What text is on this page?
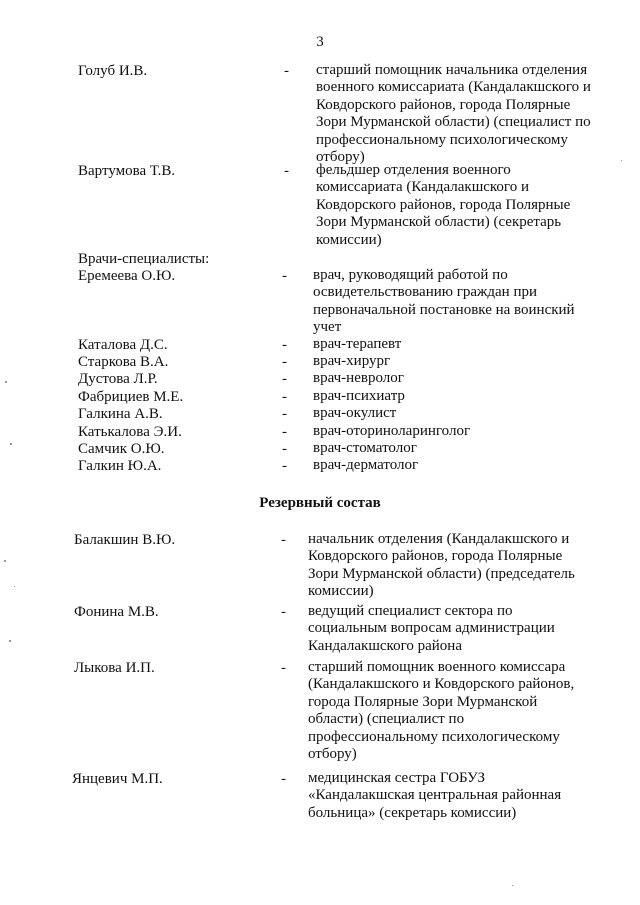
3
Голуб И.В.	- старший помощник начальника отделения
военного комиссариата (Кандалакшского и
Ковдорского районов, города Полярные
Зори Мурманской области) (специалист по
профессиональному психологическому
отбору)
Вартумова Т.В.	- фельдшер отделения военного
комиссариата (Кандалакшского и
Ковдорского районов, города Полярные
Зори Мурманской области) (секретарь
комиссии)
Врачи-специалисты:
Еремеева О.Ю.	- врач, руководящий работой по
освидетельствованию граждан при
первоначальной постановке на воинский
учет
Каталова Д.С.	- врач-терапевт
Старкова В.А.	- врач-хирург
Дустова Л.Р.	- врач-невролог
Фабрициев М.Е.	- врач-психиатр
Галкина А.В.	- врач-окулист
Катькалова Э.И.	- врач-оториноларинголог
Самчик О.Ю.	- врач-стоматолог
Галкин Ю.А.	- врач-дерматолог
Резервный состав
Балакшин В.Ю.	- начальник отделения (Кандалакшского и
Ковдорского районов, города Полярные
Зори Мурманской области) (председатель
комиссии)
Фонина М.В.	- ведущий специалист сектора по
социальным вопросам администрации
Кандалакшского района
Лыкова И.П.	- старший помощник военного комиссара
(Кандалакшского и Ковдорского районов,
города Полярные Зори Мурманской
области) (специалист по
профессиональному психологическому
отбору)
Янцевич М.П.	- медицинская сестра ГОБУЗ
«Кандалакшская центральная районная
больница» (секретарь комиссии)
